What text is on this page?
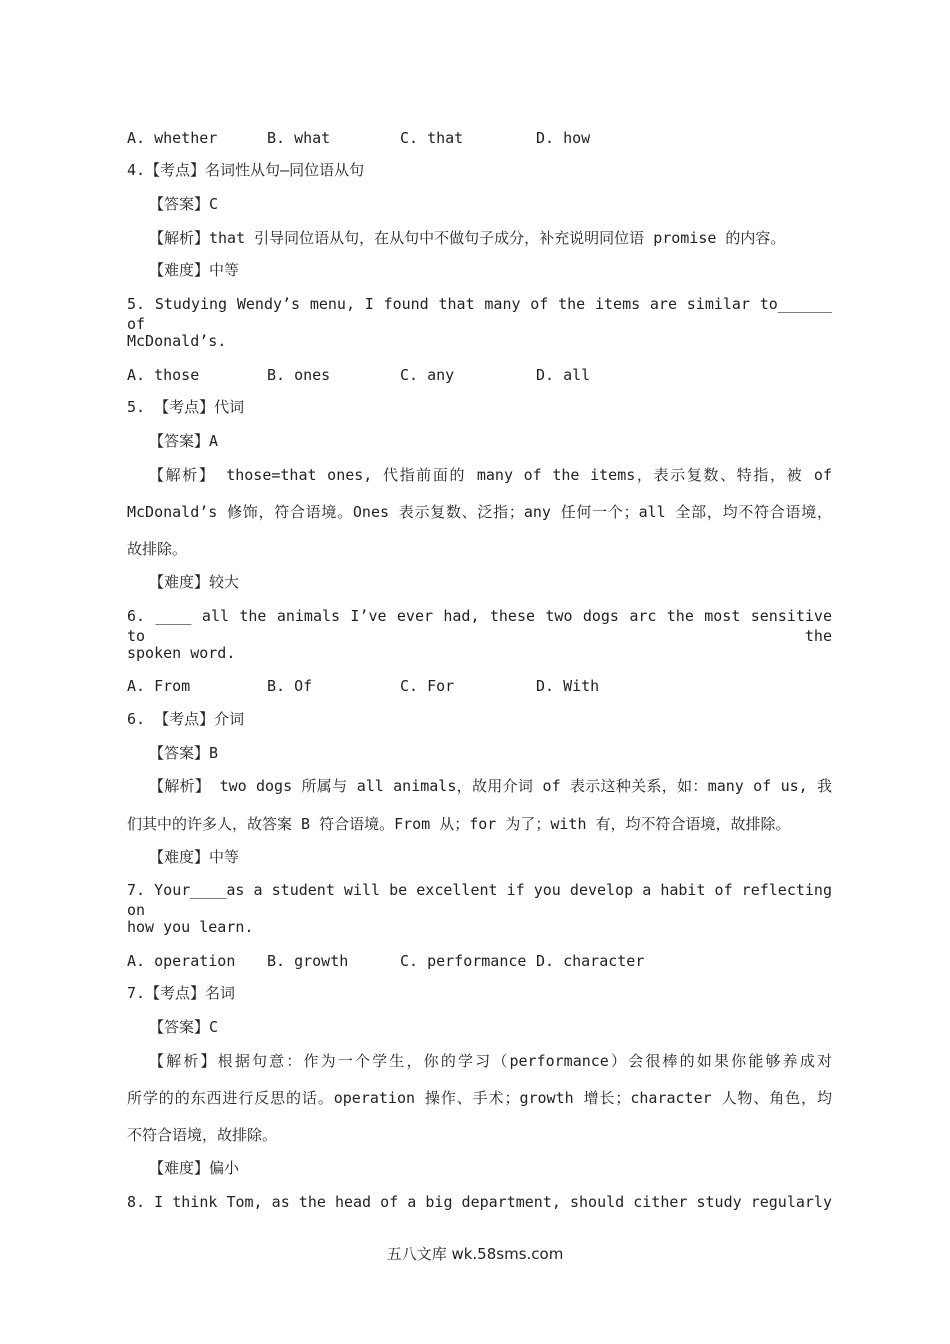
A. whether	B. what	C. that	D. how
4.【考点】名词性从句—同位语从句
【答案】C
【解析】that 引导同位语从句，在从句中不做句子成分，补充说明同位语 promise 的内容。
【难度】中等
5. Studying Wendy’s menu, I found that many of the items are similar to______ of
McDonald’s.
A. those	B. ones	C. any	D. all
5. 【考点】代词
【答案】A
【解析】 those=that ones, 代指前面的 many of the items，表示复数、特指，被 of
McDonald’s 修饰，符合语境。Ones 表示复数、泛指；any 任何一个；all 全部，均不符合语境，
故排除。
【难度】较大
6. ____ all the animals I’ve ever had, these two dogs arc the most sensitive to the
spoken word.
A. From	B. Of	C. For	D. With
6. 【考点】介词
【答案】B
【解析】 two dogs 所属与 all animals，故用介词 of 表示这种关系，如：many of us, 我
们其中的许多人，故答案 B 符合语境。From 从；for 为了；with 有，均不符合语境，故排除。
【难度】中等
7. Your____as a student will be excellent if you develop a habit of reflecting on
how you learn.
A. operation B. growth	C. performance D. character
7.【考点】名词
【答案】C
【解析】根据句意：作为一个学生，你的学习（performance）会很棒的如果你能够养成对
所学的的东西进行反思的话。operation 操作、手术；growth 增长；character 人物、角色，均
不符合语境，故排除。
【难度】偏小
8. I think Tom, as the head of a big department, should cither study regularly
五八文库 wk.58sms.com
